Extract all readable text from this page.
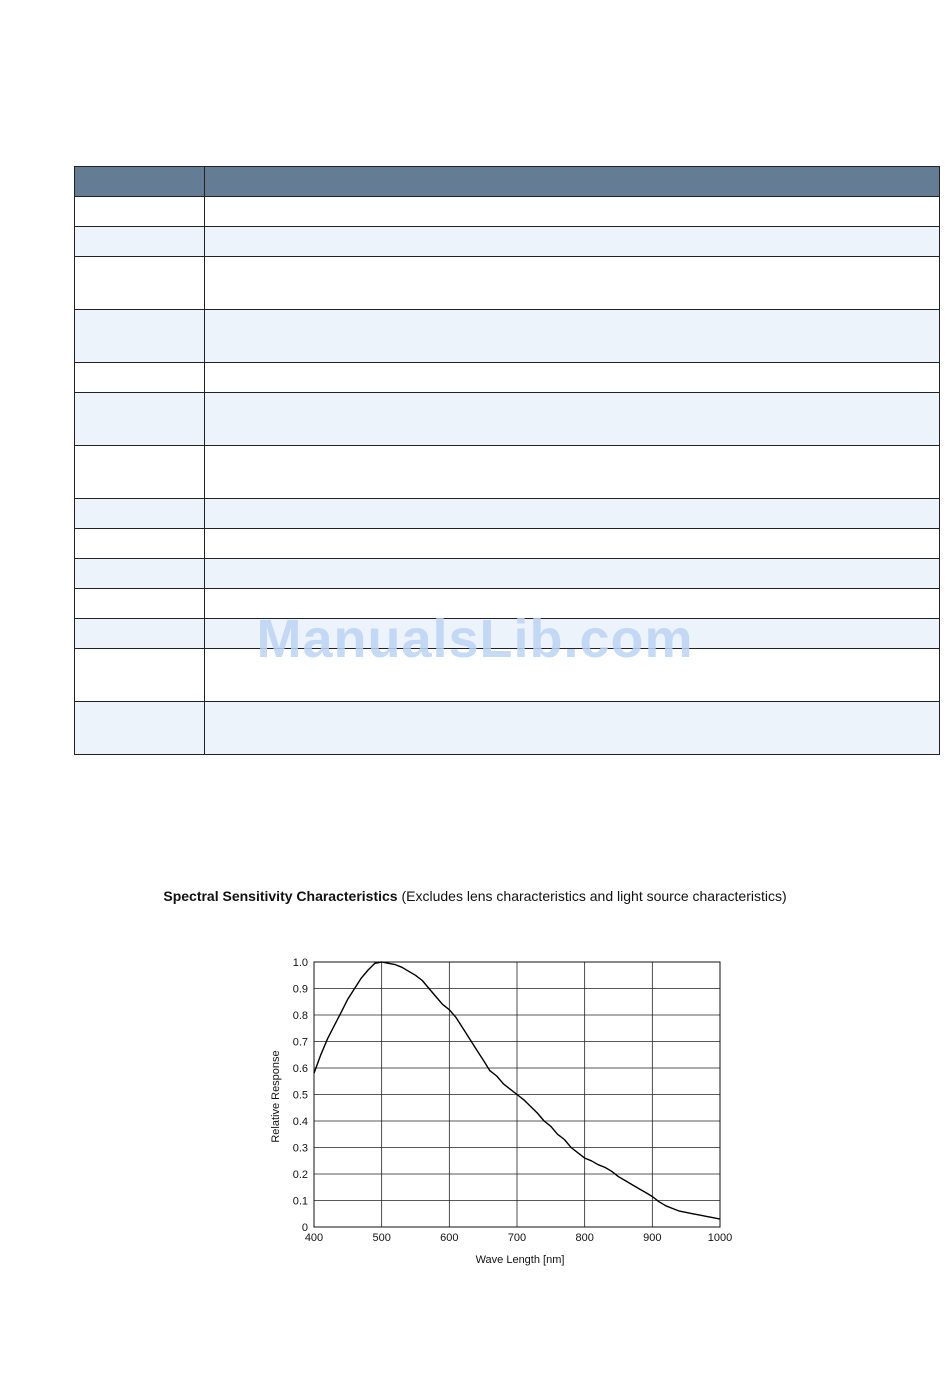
ManualsLib.com
Spectral Sensitivity Characteristics (Excludes lens characteristics and light source characteristics)
400	500	600	700	800	900	1000
0
0.1
0.2
0.3
0.4
0.5
0.6
0.7
0.8
0.9
1.0
Wave Length [nm]
Relative Response
